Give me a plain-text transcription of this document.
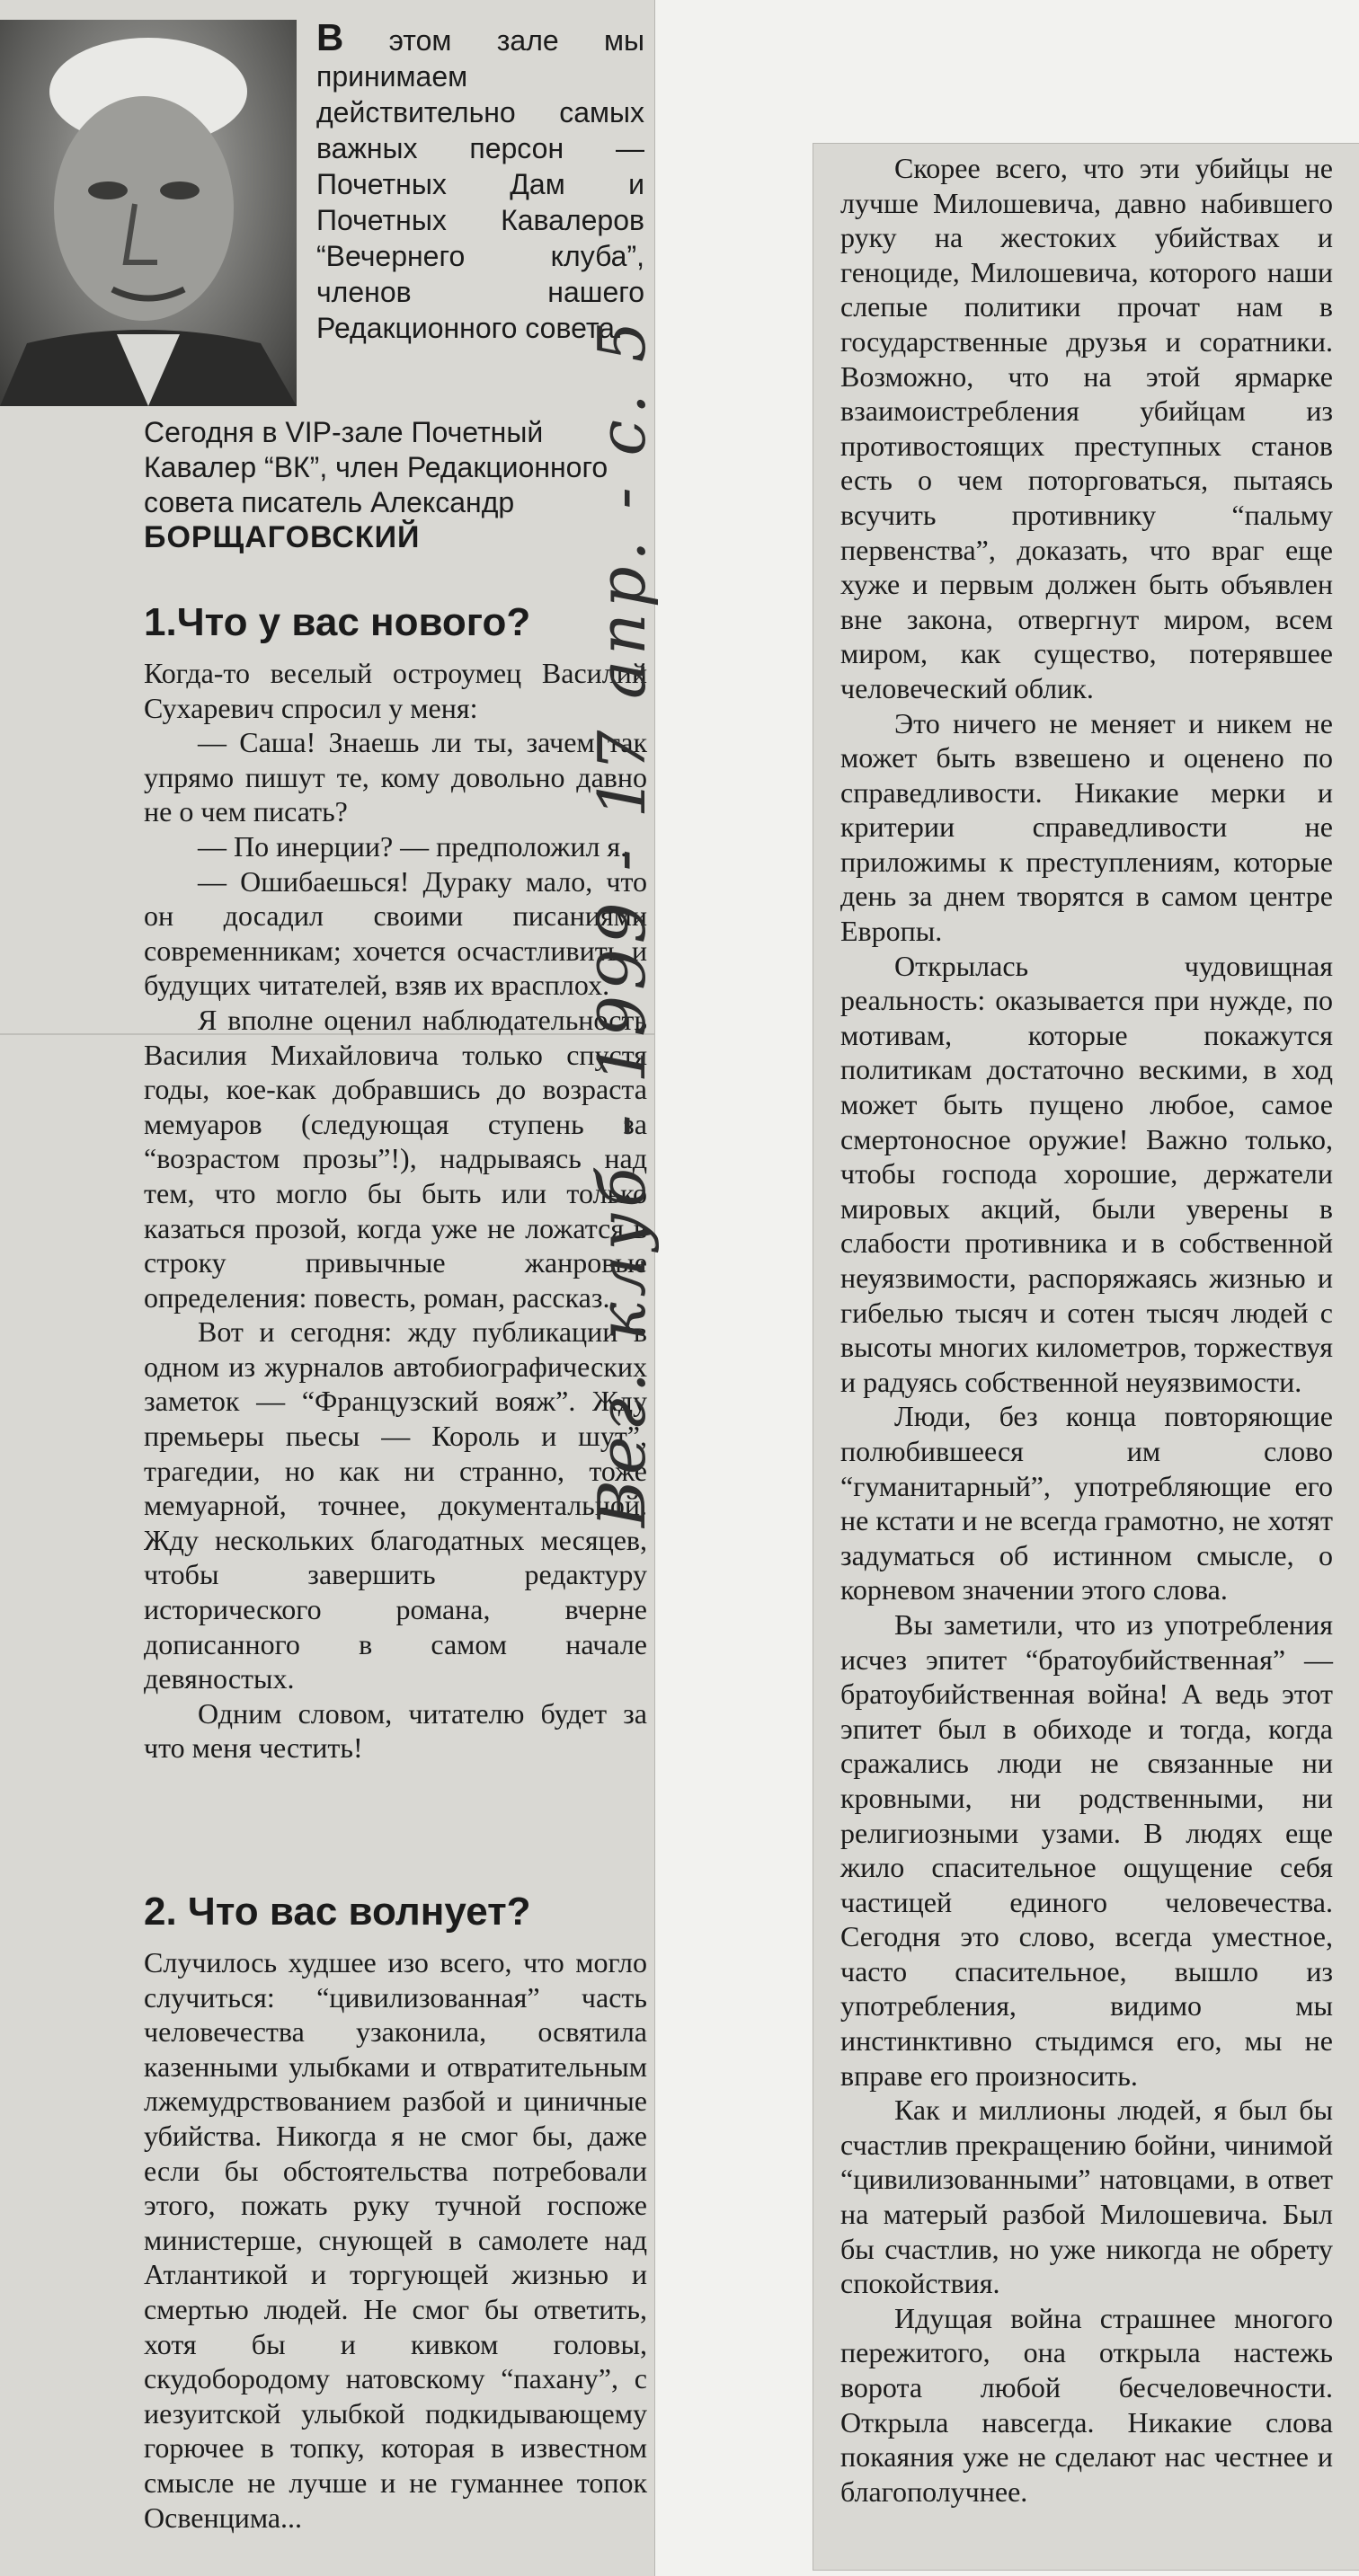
В этом зале мы принимаем действительно самых важных персон — Почетных Дам и Почетных Кавалеров “Вечернего клуба”, членов нашего Редакционного совета.
Сегодня в VIP-зале Почетный Кавалер “ВК”, член Редакционного совета писатель Александр БОРЩАГОВСКИЙ
1.Что у вас нового?

Когда-то веселый остроумец Василий Сухаревич спросил у меня:

— Саша! Знаешь ли ты, зачем так упрямо пишут те, кому довольно давно не о чем писать?

— По инерции? — предположил я.

— Ошибаешься! Дураку мало, что он досадил своими писаниями современникам; хочется осчастливить и будущих читателей, взяв их врасплох.

Я вполне оценил наблюдательность Василия Михайловича только спустя годы, кое-как добравшись до возраста мемуаров (следующая ступень за “возрастом прозы”!), надрываясь над тем, что могло бы быть или только казаться прозой, когда уже не ложатся в строку привычные жанровые определения: повесть, роман, рассказ.

Вот и сегодня: жду публикации в одном из журналов автобиографических заметок — “Французский вояж”. Жду премьеры пьесы — Король и шут”, трагедии, но как ни странно, тоже мемуарной, точнее, документальной. Жду нескольких благодатных месяцев, чтобы завершить редактуру исторического романа, вчерне дописанного в самом начале девяностых.

Одним словом, читателю будет за что меня честить!

2. Что вас волнует?

Случилось худшее изо всего, что могло случиться: “цивилизованная” часть человечества узаконила, освятила казенными улыбками и отвратительным лжемудрствованием разбой и циничные убийства. Никогда я не смог бы, даже если бы обстоятельства потребовали этого, пожать руку тучной госпоже министерше, снующей в самолете над Атлантикой и торгующей жизнью и смертью людей. Не смог бы ответить, хотя бы и кивком головы, скудобородому натовскому “пахану”, с иезуитской улыбкой подкидывающему горючее в топку, которая в известном смысле не лучше и не гуманнее топок Освенцима...

Скорее всего, что эти убийцы не лучше Милошевича, давно набившего руку на жестоких убийствах и геноциде, Милошевича, которого наши слепые политики прочат нам в государственные друзья и соратники. Возможно, что на этой ярмарке взаимоистребления убийцам из противостоящих преступных станов есть о чем поторговаться, пытаясь всучить противнику “пальму первенства”, доказать, что враг еще хуже и первым должен быть объявлен вне закона, отвергнут миром, всем миром, как существо, потерявшее человеческий облик.

Это ничего не меняет и никем не может быть взвешено и оценено по справедливости. Никакие мерки и критерии справедливости не приложимы к преступлениям, которые день за днем творятся в самом центре Европы.

Открылась чудовищная реальность: оказывается при нужде, по мотивам, которые покажутся политикам достаточно вескими, в ход может быть пущено любое, самое смертоносное оружие! Важно только, чтобы господа хорошие, держатели мировых акций, были уверены в слабости противника и в собственной неуязвимости, распоряжаясь жизнью и гибелью тысяч и сотен тысяч людей с высоты многих километров, торжествуя и радуясь собственной неуязвимости.

Люди, без конца повторяющие полюбившееся им слово “гуманитарный”, употребляющие его не кстати и не всегда грамотно, не хотят задуматься об истинном смысле, о корневом значении этого слова.

Вы заметили, что из употребления исчез эпитет “братоубийственная” — братоубийственная война! А ведь этот эпитет был в обиходе и тогда, когда сражались люди не связанные ни кровными, ни родственными, ни религиозными узами. В людях еще жило спасительное ощущение себя частицей единого человечества. Сегодня это слово, всегда уместное, часто спасительное, вышло из употребления, видимо мы инстинктивно стыдимся его, мы не вправе его произносить.

Как и миллионы людей, я был бы счастлив прекращению бойни, чинимой “цивилизованными” натовцами, в ответ на матерый разбой Милошевича. Был бы счастлив, но уже никогда не обрету спокойствия.

Идущая война страшнее многого пережитого, она открыла настежь ворота любой бесчеловечности. Открыла навсегда. Никакие слова покаяния уже не сделают нас честнее и благополучнее.

Вег. клуб - 1999 - 17 апр. - с. 5
